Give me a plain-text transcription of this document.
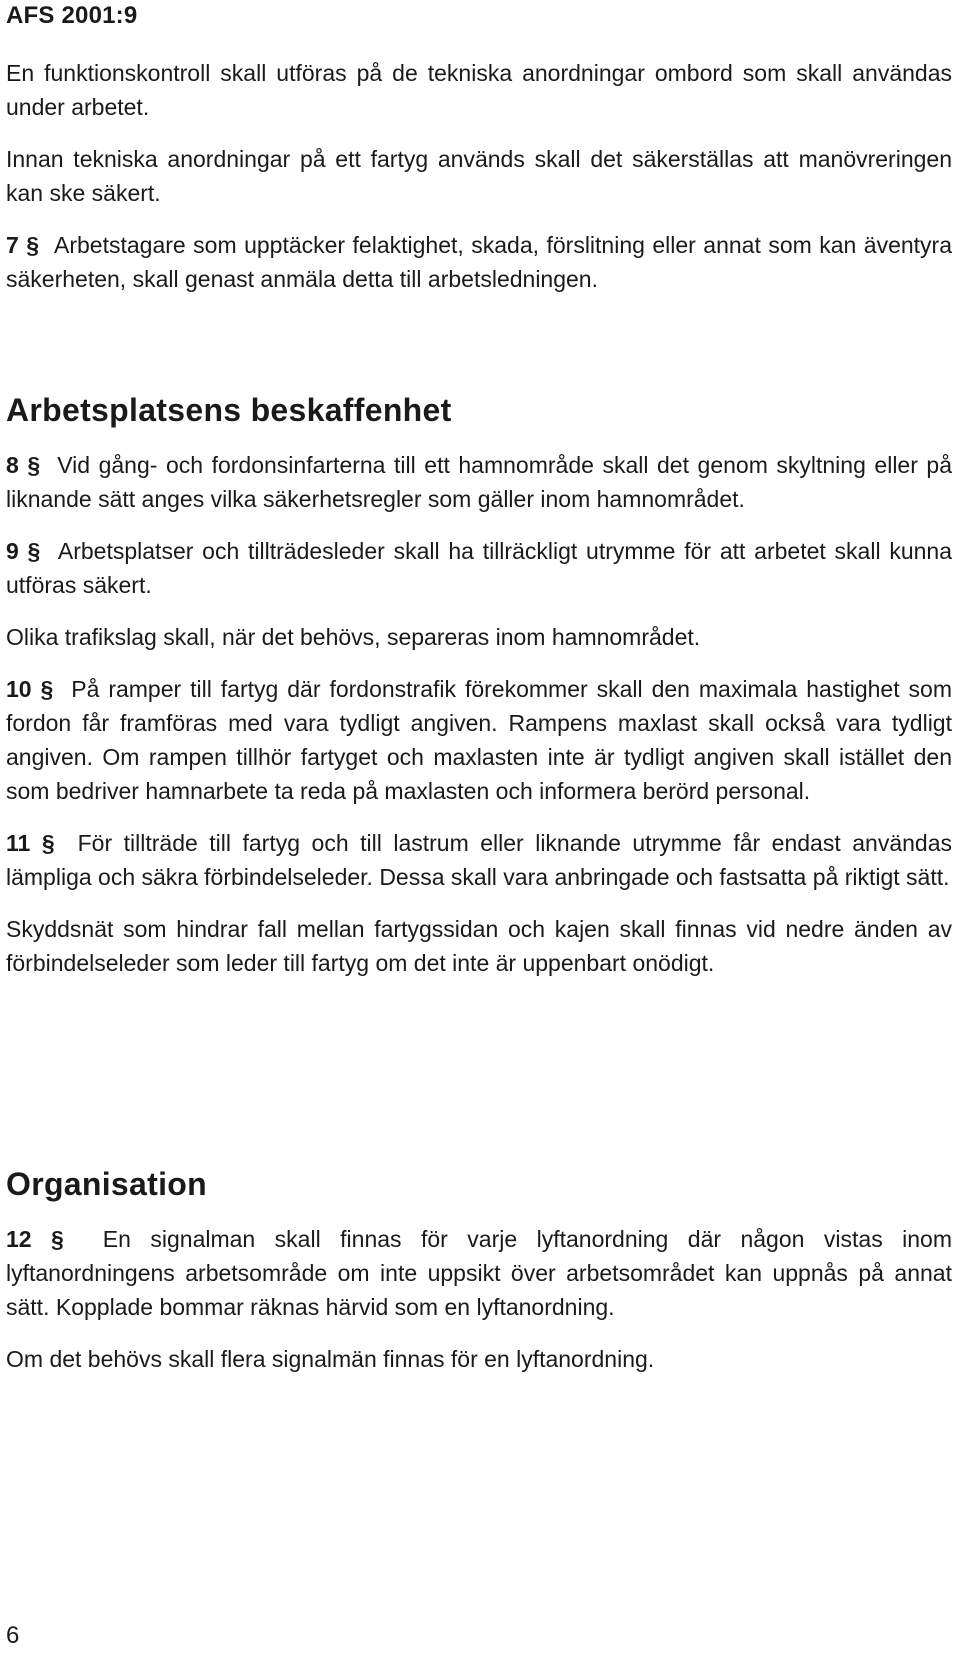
AFS 2001:9

En funktionskontroll skall utföras på de tekniska anordningar ombord som skall användas under arbetet.

Innan tekniska anordningar på ett fartyg används skall det säkerställas att manövreringen kan ske säkert.

7 § Arbetstagare som upptäcker felaktighet, skada, förslitning eller annat som kan äventyra säkerheten, skall genast anmäla detta till arbetsledningen.

Arbetsplatsens beskaffenhet

8 § Vid gång- och fordonsinfarterna till ett hamnområde skall det genom skyltning eller på liknande sätt anges vilka säkerhetsregler som gäller inom hamnområdet.

9 § Arbetsplatser och tillträdesleder skall ha tillräckligt utrymme för att arbetet skall kunna utföras säkert.

Olika trafikslag skall, när det behövs, separeras inom hamnområdet.

10 § På ramper till fartyg där fordonstrafik förekommer skall den maximala hastighet som fordon får framföras med vara tydligt angiven. Rampens maxlast skall också vara tydligt angiven. Om rampen tillhör fartyget och maxlasten inte är tydligt angiven skall istället den som bedriver hamnarbete ta reda på maxlasten och informera berörd personal.

11 § För tillträde till fartyg och till lastrum eller liknande utrymme får endast användas lämpliga och säkra förbindelseleder. Dessa skall vara anbringade och fastsatta på riktigt sätt.

Skyddsnät som hindrar fall mellan fartygssidan och kajen skall finnas vid nedre änden av förbindelseleder som leder till fartyg om det inte är uppenbart onödigt.

Organisation

12 § En signalman skall finnas för varje lyftanordning där någon vistas inom lyftanordningens arbetsområde om inte uppsikt över arbetsområdet kan uppnås på annat sätt. Kopplade bommar räknas härvid som en lyftanordning.

Om det behövs skall flera signalmän finnas för en lyftanordning.

6
